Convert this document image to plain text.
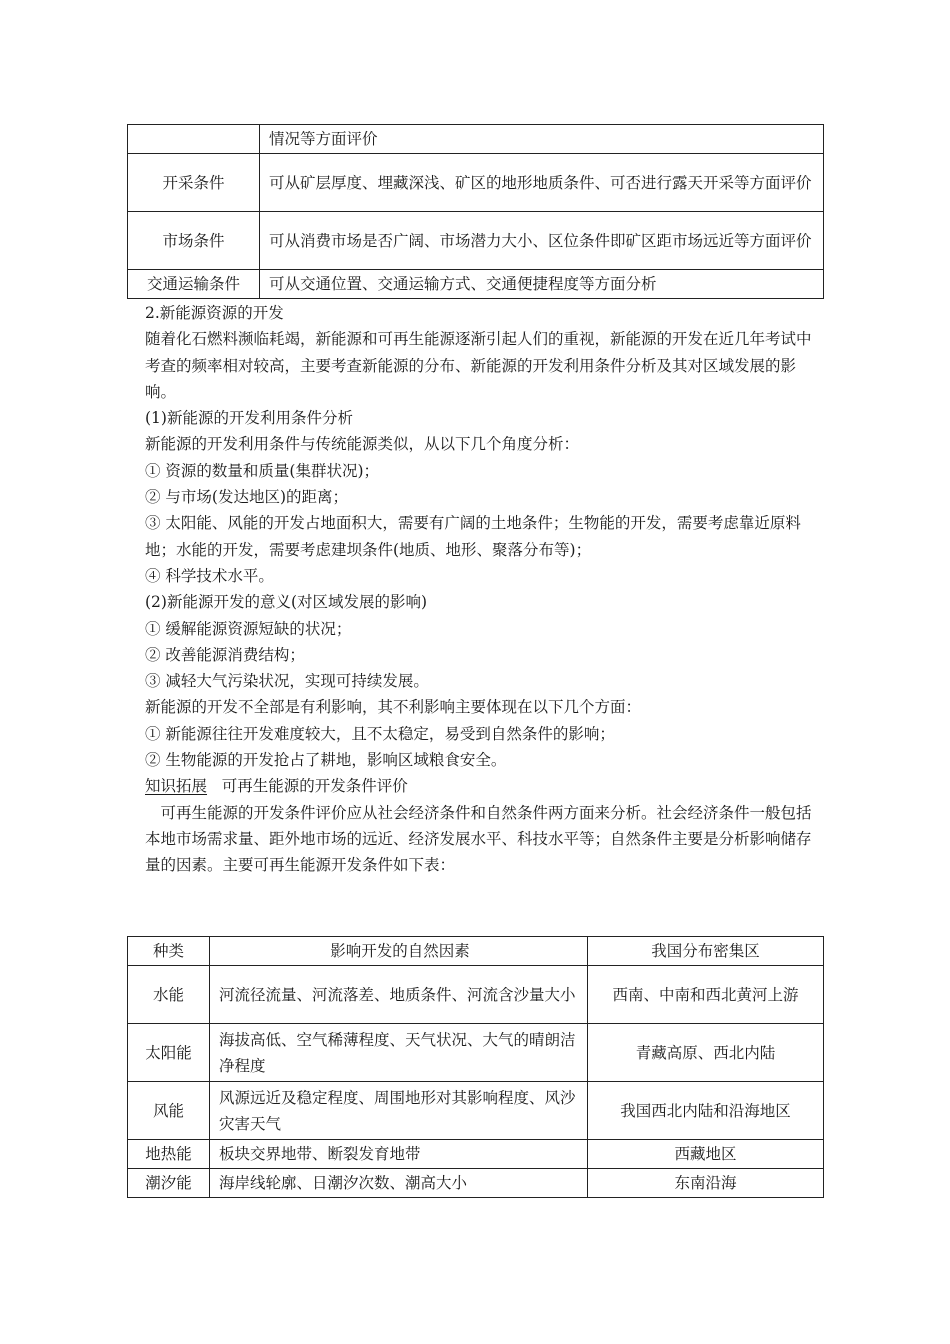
	情况等方面评价
开采条件	可从矿层厚度、埋藏深浅、矿区的地形地质条件、可否进行露天开采等方面评价
市场条件	可从消费市场是否广阔、市场潜力大小、区位条件即矿区距市场远近等方面评价
交通运输条件	可从交通位置、交通运输方式、交通便捷程度等方面分析

2.新能源资源的开发

随着化石燃料濒临耗竭，新能源和可再生能源逐渐引起人们的重视，新能源的开发在近几年考试中考查的频率相对较高，主要考查新能源的分布、新能源的开发利用条件分析及其对区域发展的影响。

(1)新能源的开发利用条件分析

新能源的开发利用条件与传统能源类似，从以下几个角度分析：

① 资源的数量和质量(集群状况)；

② 与市场(发达地区)的距离；

③ 太阳能、风能的开发占地面积大，需要有广阔的土地条件；生物能的开发，需要考虑靠近原料地；水能的开发，需要考虑建坝条件(地质、地形、聚落分布等)；

④ 科学技术水平。

(2)新能源开发的意义(对区域发展的影响)

① 缓解能源资源短缺的状况；

② 改善能源消费结构；

③ 减轻大气污染状况，实现可持续发展。

新能源的开发不全部是有利影响，其不利影响主要体现在以下几个方面：

① 新能源往往开发难度较大，且不太稳定，易受到自然条件的影响；

② 生物能源的开发抢占了耕地，影响区域粮食安全。

知识拓展 可再生能源的开发条件评价

可再生能源的开发条件评价应从社会经济条件和自然条件两方面来分析。社会经济条件一般包括本地市场需求量、距外地市场的远近、经济发展水平、科技水平等；自然条件主要是分析影响储存量的因素。主要可再生能源开发条件如下表：

种类	影响开发的自然因素	我国分布密集区
水能	河流径流量、河流落差、地质条件、河流含沙量大小	西南、中南和西北黄河上游
太阳能	海拔高低、空气稀薄程度、天气状况、大气的晴朗洁净程度	青藏高原、西北内陆
风能	风源远近及稳定程度、周围地形对其影响程度、风沙灾害天气	我国西北内陆和沿海地区
地热能	板块交界地带、断裂发育地带	西藏地区
潮汐能	海岸线轮廓、日潮汐次数、潮高大小	东南沿海
